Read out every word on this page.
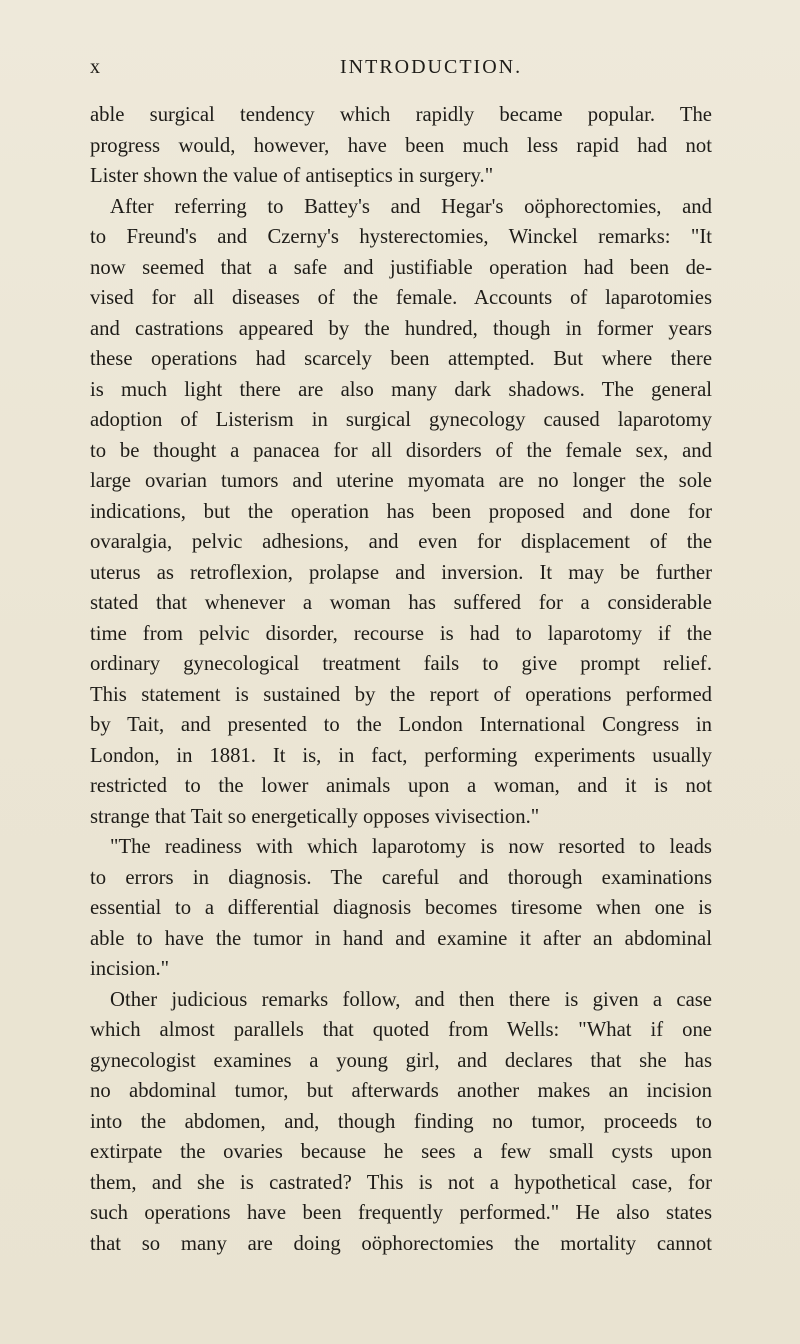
x	INTRODUCTION.
able surgical tendency which rapidly became popular. The
progress would, however, have been much less rapid had not
Lister shown the value of antiseptics in surgery."
After referring to Battey's and Hegar's oöphorectomies, and
to Freund's and Czerny's hysterectomies, Winckel remarks: "It
now seemed that a safe and justifiable operation had been de-
vised for all diseases of the female. Accounts of laparotomies
and castrations appeared by the hundred, though in former years
these operations had scarcely been attempted. But where there
is much light there are also many dark shadows. The general
adoption of Listerism in surgical gynecology caused laparotomy
to be thought a panacea for all disorders of the female sex, and
large ovarian tumors and uterine myomata are no longer the sole
indications, but the operation has been proposed and done for
ovaralgia, pelvic adhesions, and even for displacement of the
uterus as retroflexion, prolapse and inversion. It may be further
stated that whenever a woman has suffered for a considerable
time from pelvic disorder, recourse is had to laparotomy if the
ordinary gynecological treatment fails to give prompt relief.
This statement is sustained by the report of operations performed
by Tait, and presented to the London International Congress in
London, in 1881. It is, in fact, performing experiments usually
restricted to the lower animals upon a woman, and it is not
strange that Tait so energetically opposes vivisection."
"The readiness with which laparotomy is now resorted to leads
to errors in diagnosis. The careful and thorough examinations
essential to a differential diagnosis becomes tiresome when one is
able to have the tumor in hand and examine it after an abdominal
incision."
Other judicious remarks follow, and then there is given a case
which almost parallels that quoted from Wells: "What if one
gynecologist examines a young girl, and declares that she has
no abdominal tumor, but afterwards another makes an incision
into the abdomen, and, though finding no tumor, proceeds to
extirpate the ovaries because he sees a few small cysts upon
them, and she is castrated? This is not a hypothetical case, for
such operations have been frequently performed." He also states
that so many are doing oöphorectomies the mortality cannot
